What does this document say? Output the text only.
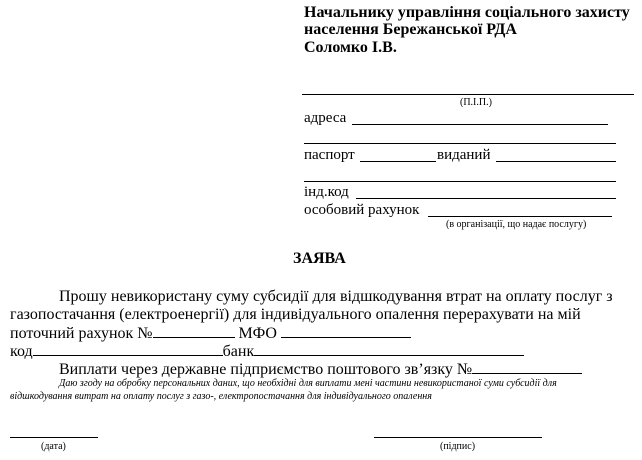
Начальнику управління соціального захисту
населення Бережанської РДА
Соломко І.В.
(П.І.П.)
адреса
паспорт	виданий
інд.код
особовий рахунок
(в організації, що надає послугу)
ЗАЯВА
Прошу невикористану суму субсидії для відшкодування втрат на оплату послуг з
газопостачання (електроенергії) для індивідуального опалення перерахувати на мій
поточний рахунок №	МФО
код	банк
Виплати через державне підприємство поштового зв’язку №
Даю згоду на обробку персональних даних, що необхідні для виплати мені частини невикористаної суми субсидії для
відшкодування витрат на оплату послуг з газо-, електропостачання для індивідуального опалення
(дата)	(підпис)
